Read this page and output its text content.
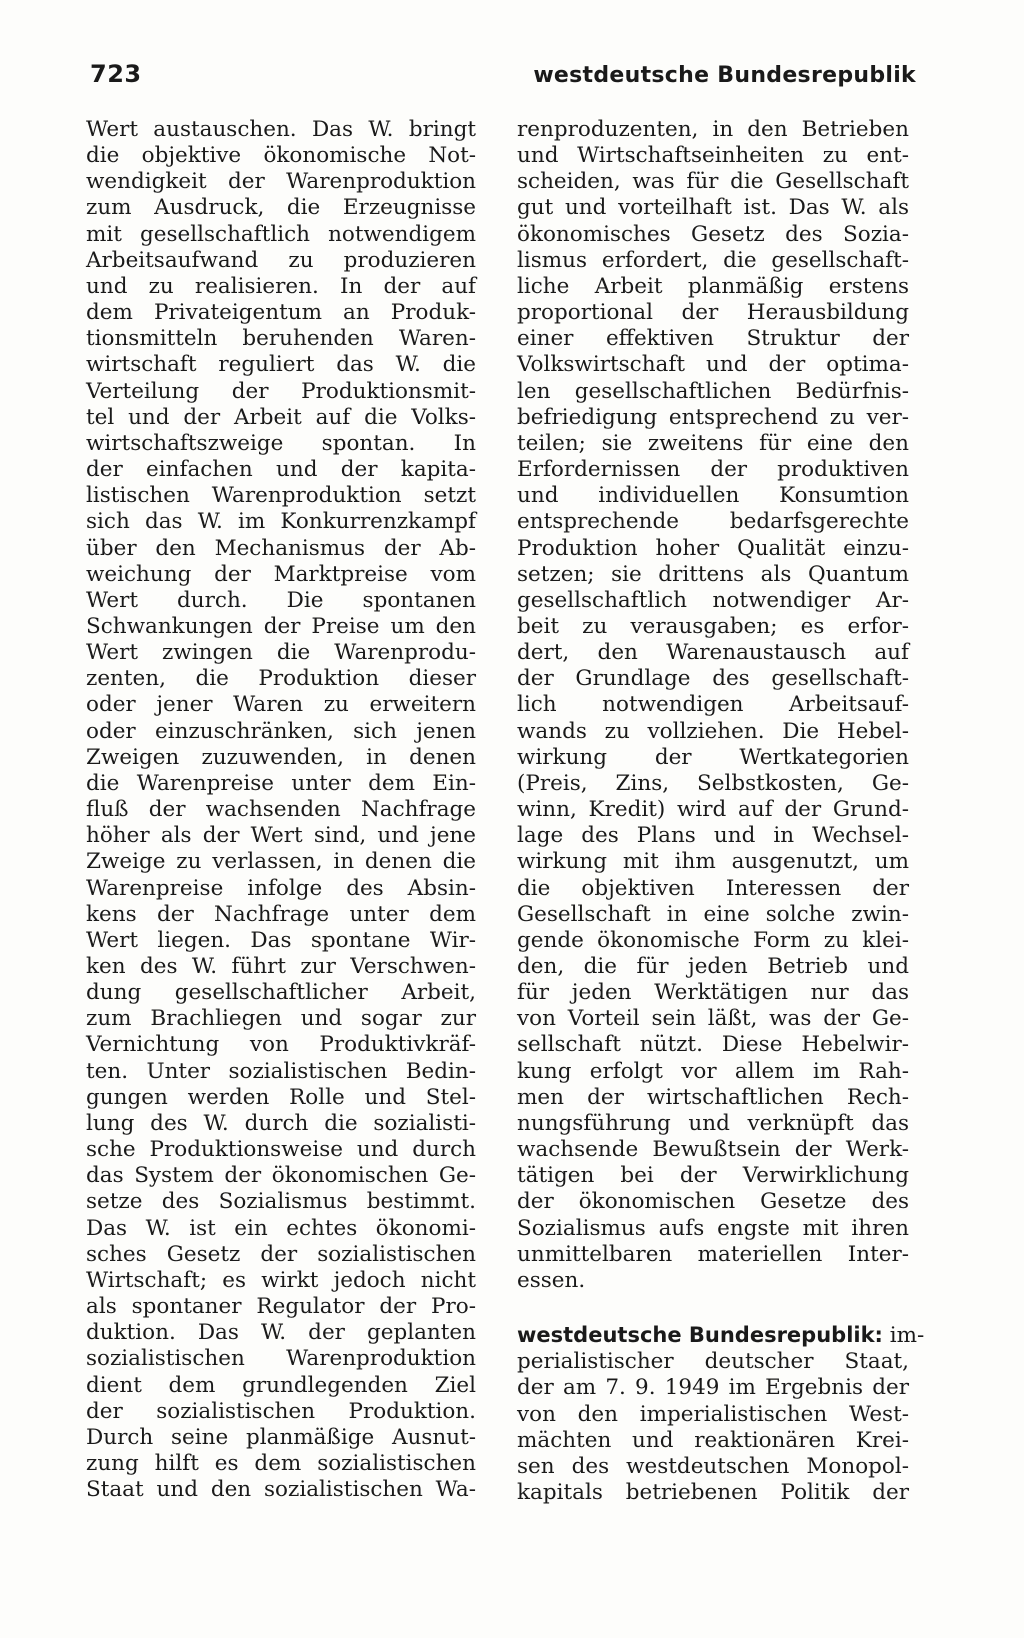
723	westdeutsche Bundesrepublik
Wert austauschen. Das W. bringt
die objektive ökonomische Not-
wendigkeit der Warenproduktion
zum Ausdruck, die Erzeugnisse
mit gesellschaftlich notwendigem
Arbeitsaufwand zu produzieren
und zu realisieren. In der auf
dem Privateigentum an Produk-
tionsmitteln beruhenden Waren-
wirtschaft reguliert das W. die
Verteilung der Produktionsmit-
tel und der Arbeit auf die Volks-
wirtschaftszweige spontan. In
der einfachen und der kapita-
listischen Warenproduktion setzt
sich das W. im Konkurrenzkampf
über den Mechanismus der Ab-
weichung der Marktpreise vom
Wert durch. Die spontanen
Schwankungen der Preise um den
Wert zwingen die Warenprodu-
zenten, die Produktion dieser
oder jener Waren zu erweitern
oder einzuschränken, sich jenen
Zweigen zuzuwenden, in denen
die Warenpreise unter dem Ein-
fluß der wachsenden Nachfrage
höher als der Wert sind, und jene
Zweige zu verlassen, in denen die
Warenpreise infolge des Absin-
kens der Nachfrage unter dem
Wert liegen. Das spontane Wir-
ken des W. führt zur Verschwen-
dung gesellschaftlicher Arbeit,
zum Brachliegen und sogar zur
Vernichtung von Produktivkräf-
ten. Unter sozialistischen Bedin-
gungen werden Rolle und Stel-
lung des W. durch die sozialisti-
sche Produktionsweise und durch
das System der ökonomischen Ge-
setze des Sozialismus bestimmt.
Das W. ist ein echtes ökonomi-
sches Gesetz der sozialistischen
Wirtschaft; es wirkt jedoch nicht
als spontaner Regulator der Pro-
duktion. Das W. der geplanten
sozialistischen Warenproduktion
dient dem grundlegenden Ziel
der sozialistischen Produktion.
Durch seine planmäßige Ausnut-
zung hilft es dem sozialistischen
Staat und den sozialistischen Wa-
renproduzenten, in den Betrieben
und Wirtschaftseinheiten zu ent-
scheiden, was für die Gesellschaft
gut und vorteilhaft ist. Das W. als
ökonomisches Gesetz des Sozia-
lismus erfordert, die gesellschaft-
liche Arbeit planmäßig erstens
proportional der Herausbildung
einer effektiven Struktur der
Volkswirtschaft und der optima-
len gesellschaftlichen Bedürfnis-
befriedigung entsprechend zu ver-
teilen; sie zweitens für eine den
Erfordernissen der produktiven
und individuellen Konsumtion
entsprechende bedarfsgerechte
Produktion hoher Qualität einzu-
setzen; sie drittens als Quantum
gesellschaftlich notwendiger Ar-
beit zu verausgaben; es erfor-
dert, den Warenaustausch auf
der Grundlage des gesellschaft-
lich notwendigen Arbeitsauf-
wands zu vollziehen. Die Hebel-
wirkung der Wertkategorien
(Preis, Zins, Selbstkosten, Ge-
winn, Kredit) wird auf der Grund-
lage des Plans und in Wechsel-
wirkung mit ihm ausgenutzt, um
die objektiven Interessen der
Gesellschaft in eine solche zwin-
gende ökonomische Form zu klei-
den, die für jeden Betrieb und
für jeden Werktätigen nur das
von Vorteil sein läßt, was der Ge-
sellschaft nützt. Diese Hebelwir-
kung erfolgt vor allem im Rah-
men der wirtschaftlichen Rech-
nungsführung und verknüpft das
wachsende Bewußtsein der Werk-
tätigen bei der Verwirklichung
der ökonomischen Gesetze des
Sozialismus aufs engste mit ihren
unmittelbaren materiellen Inter-
essen.
westdeutsche Bundesrepublik: im-
perialistischer deutscher Staat,
der am 7. 9. 1949 im Ergebnis der
von den imperialistischen West-
mächten und reaktionären Krei-
sen des westdeutschen Monopol-
kapitals betriebenen Politik der
